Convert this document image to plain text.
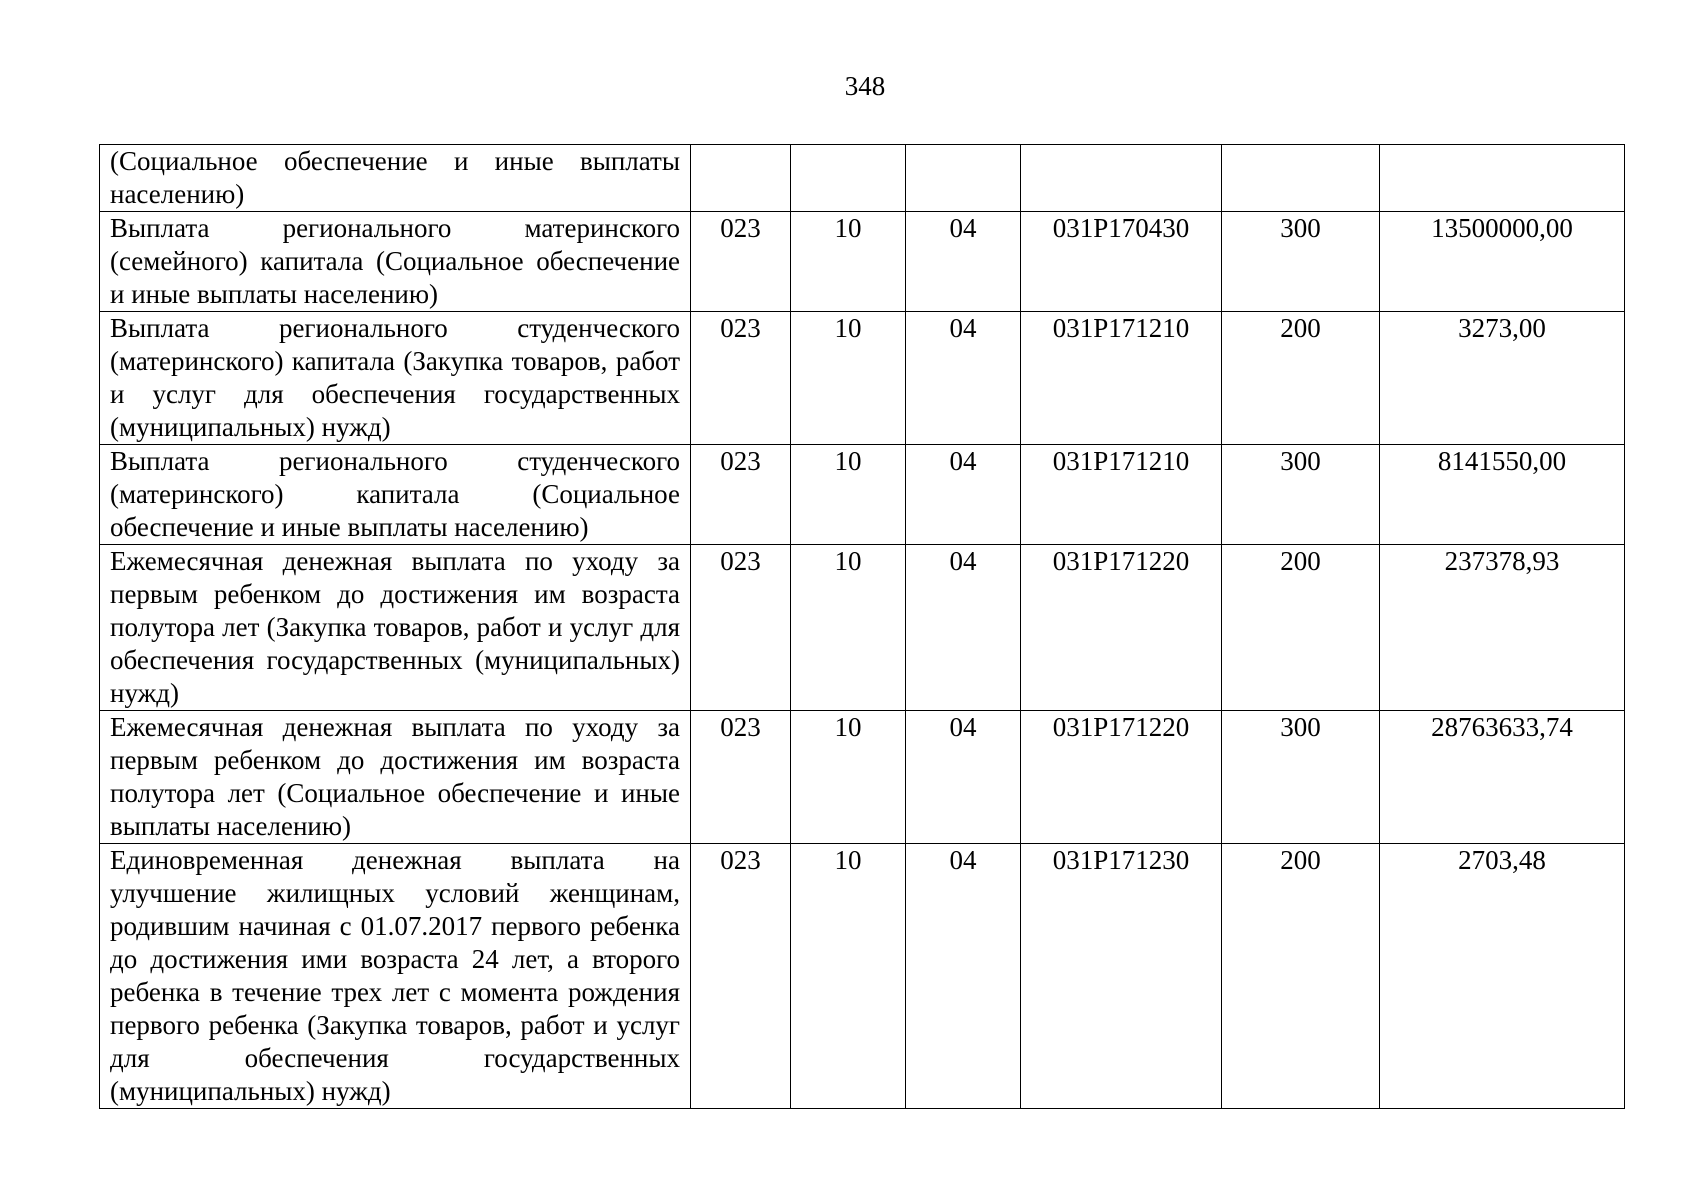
348
(Социальное обеспечение и иные выплаты населению)						
Выплата регионального материнского (семейного) капитала (Социальное обеспечение и иные выплаты населению)	023	10	04	031P170430	300	13500000,00
Выплата регионального студенческого (материнского) капитала (Закупка товаров, работ и услуг для обеспечения государственных (муниципальных) нужд)	023	10	04	031P171210	200	3273,00
Выплата регионального студенческого (материнского) капитала (Социальное обеспечение и иные выплаты населению)	023	10	04	031P171210	300	8141550,00
Ежемесячная денежная выплата по уходу за первым ребенком до достижения им возраста полутора лет (Закупка товаров, работ и услуг для обеспечения государственных (муниципальных) нужд)	023	10	04	031P171220	200	237378,93
Ежемесячная денежная выплата по уходу за первым ребенком до достижения им возраста полутора лет (Социальное обеспечение и иные выплаты населению)	023	10	04	031P171220	300	28763633,74
Единовременная денежная выплата на улучшение жилищных условий женщинам, родившим начиная с 01.07.2017 первого ребенка до достижения ими возраста 24 лет, а второго ребенка в течение трех лет с момента рождения первого ребенка (Закупка товаров, работ и услуг для обеспечения государственных (муниципальных) нужд)	023	10	04	031P171230	200	2703,48
